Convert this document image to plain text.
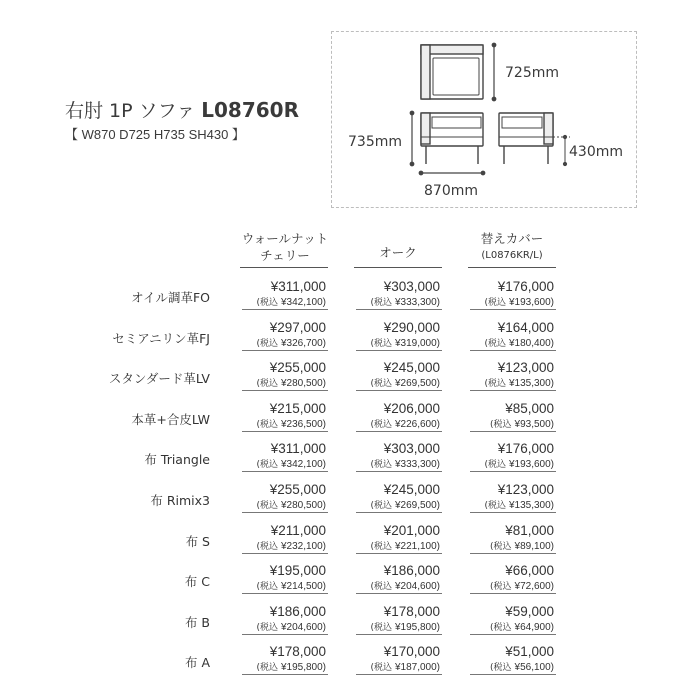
右肘 1P ソファ L08760R
【 W870 D725 H735 SH430 】
725mm
735mm
430mm
870mm
ウォールナット
チェリー	オーク
替えカバー
(L0876KR/L)
オイル調革FO
¥311,000
(税込 ¥342,100)
¥303,000
(税込 ¥333,300)
¥176,000
(税込 ¥193,600)
セミアニリン革FJ
¥297,000
(税込 ¥326,700)
¥290,000
(税込 ¥319,000)
¥164,000
(税込 ¥180,400)
スタンダード革LV
¥255,000
(税込 ¥280,500)
¥245,000
(税込 ¥269,500)
¥123,000
(税込 ¥135,300)
本革+合皮LW
¥215,000
(税込 ¥236,500)
¥206,000
(税込 ¥226,600)
¥85,000
(税込 ¥93,500)
布 Triangle
¥311,000
(税込 ¥342,100)
¥303,000
(税込 ¥333,300)
¥176,000
(税込 ¥193,600)
布 Rimix3
¥255,000
(税込 ¥280,500)
¥245,000
(税込 ¥269,500)
¥123,000
(税込 ¥135,300)
布 S
¥211,000
(税込 ¥232,100)
¥201,000
(税込 ¥221,100)
¥81,000
(税込 ¥89,100)
布 C
¥195,000
(税込 ¥214,500)
¥186,000
(税込 ¥204,600)
¥66,000
(税込 ¥72,600)
布 B
¥186,000
(税込 ¥204,600)
¥178,000
(税込 ¥195,800)
¥59,000
(税込 ¥64,900)
布 A
¥178,000
(税込 ¥195,800)
¥170,000
(税込 ¥187,000)
¥51,000
(税込 ¥56,100)
